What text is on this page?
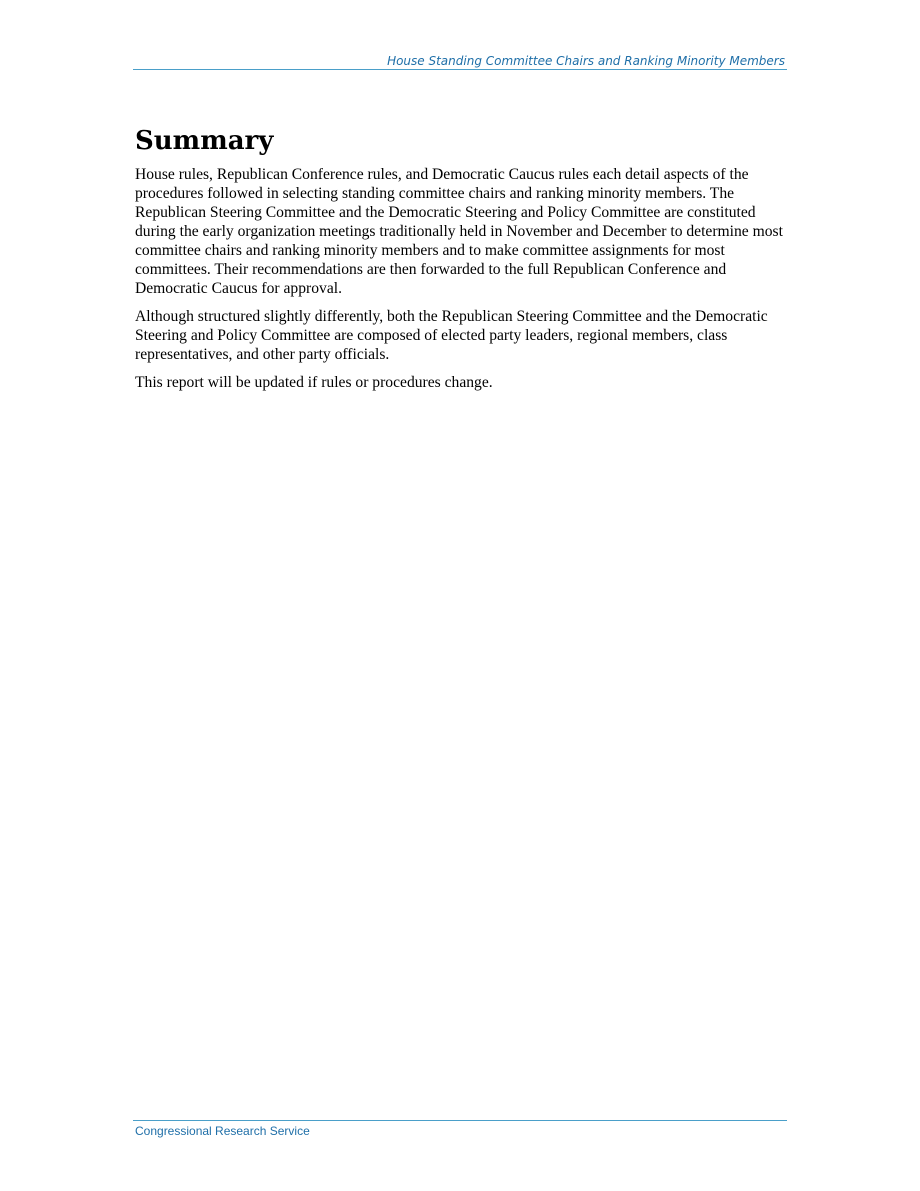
House Standing Committee Chairs and Ranking Minority Members
Summary

House rules, Republican Conference rules, and Democratic Caucus rules each detail aspects of the procedures followed in selecting standing committee chairs and ranking minority members. The Republican Steering Committee and the Democratic Steering and Policy Committee are constituted during the early organization meetings traditionally held in November and December to determine most committee chairs and ranking minority members and to make committee assignments for most committees. Their recommendations are then forwarded to the full Republican Conference and Democratic Caucus for approval.

Although structured slightly differently, both the Republican Steering Committee and the Democratic Steering and Policy Committee are composed of elected party leaders, regional members, class representatives, and other party officials.

This report will be updated if rules or procedures change.

Congressional Research Service
